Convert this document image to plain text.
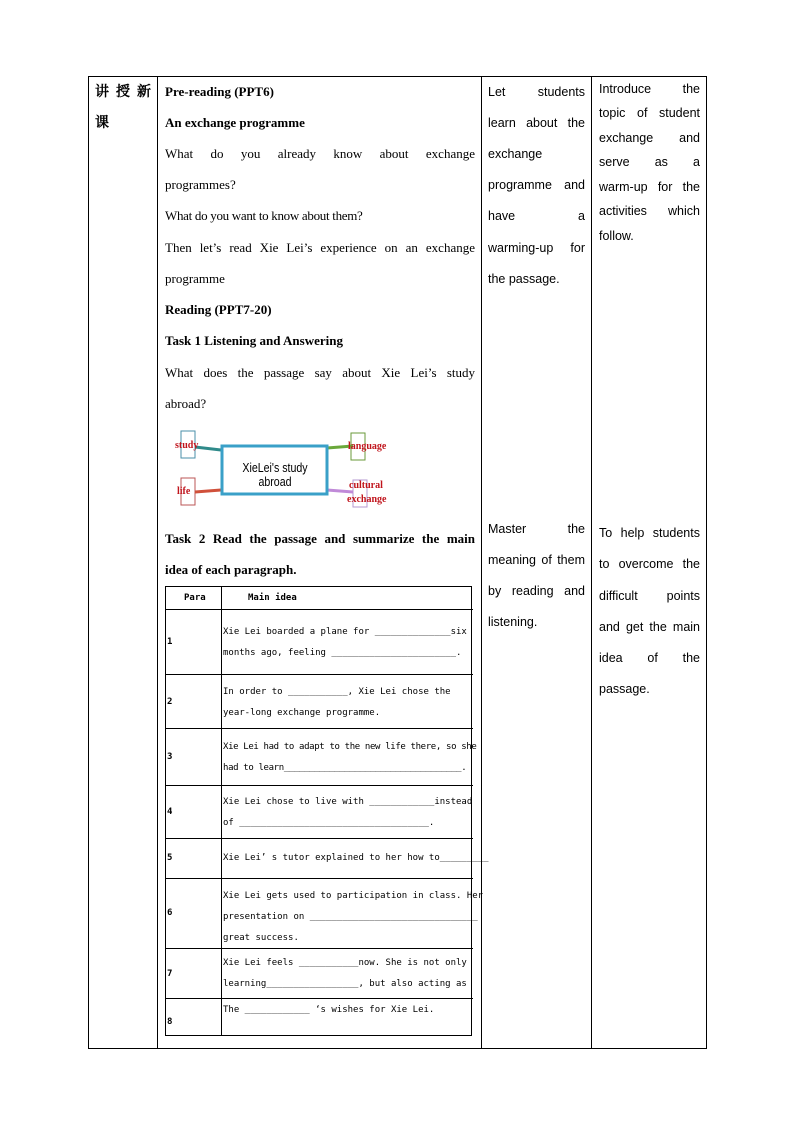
讲 授 新
课
Pre-reading (PPT6)
An exchange programme
What do you already know about exchange
programmes?
What do you want to know about them?
Then let’s read Xie Lei’s experience on an exchange
programme
Reading (PPT7-20)
Task 1 Listening and Answering
What does the passage say about Xie Lei’s study
abroad?
XieLei's study abroad
study
life
language
cultural
exchange
Task 2 Read the passage and summarize the main
idea of each paragraph.
Para	Main idea
1
Xie Lei boarded a plane for ______________six
months ago, feeling _______________________.
2
In order to ___________, Xie Lei chose the
year-long exchange programme.
3
Xie Lei had to adapt to the new life there, so she
had to learn___________________________________.
4
Xie Lei chose to live with ____________instead
of ___________________________________.
5	Xie Lei’ s tutor explained to her how to_________
6
Xie Lei gets used to participation in class. Her
presentation on _______________________________
great success.
7
Xie Lei feels ___________now. She is not only
learning_________________, but also acting as
8
The ____________ ‘s wishes for Xie Lei.
Let students
learn about the
exchange
programme and
have a
warming-up for
the passage.
Master the
meaning of them
by reading and
listening.
Introduce the
topic of student
exchange and
serve as a
warm-up for the
activities which
follow.
To help students
to overcome the
difficult points
and get the main
idea of the
passage.
